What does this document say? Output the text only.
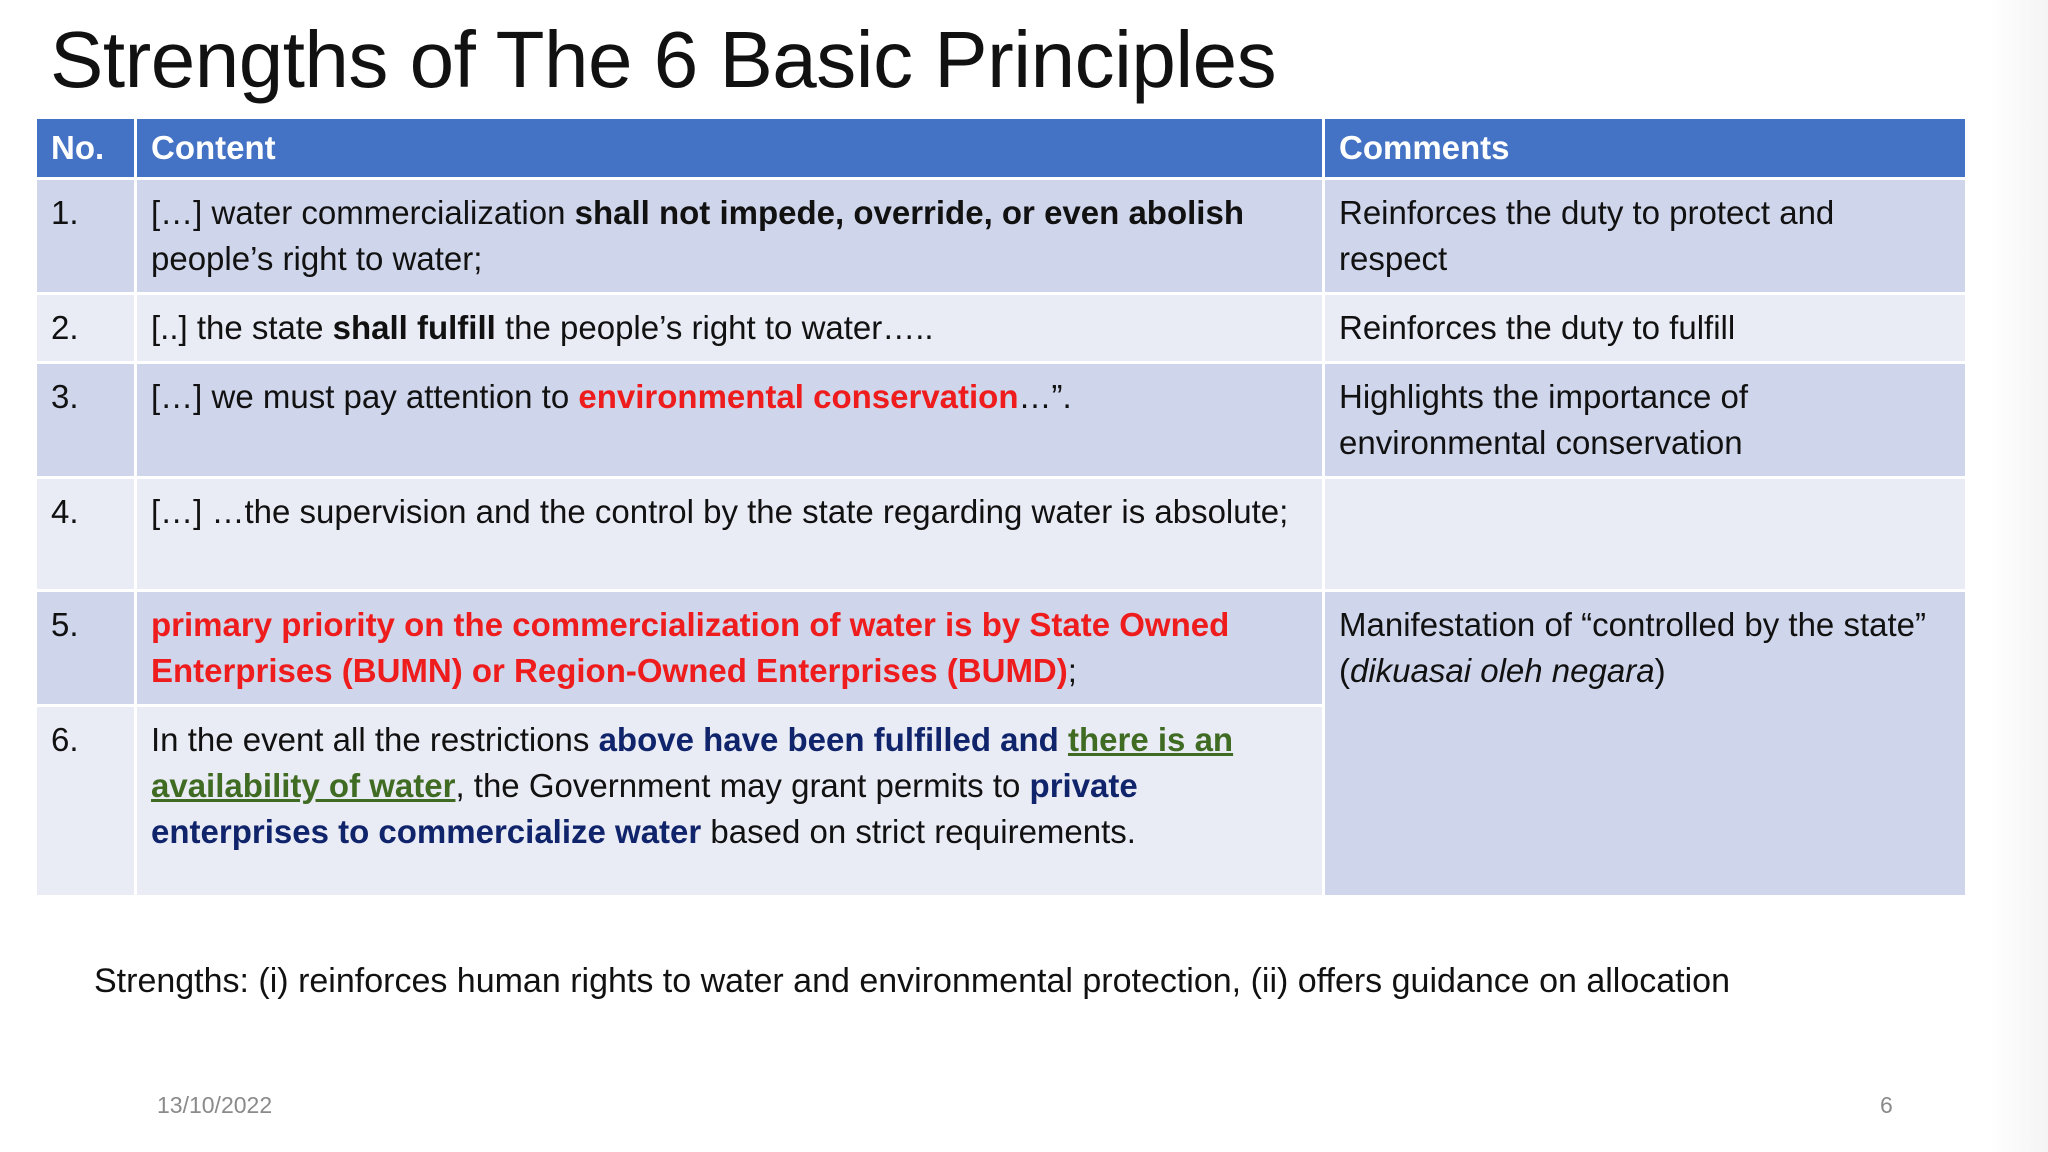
Strengths of The 6 Basic Principles
No.	Content	Comments
1.	[…] water commercialization shall not impede, override, or even abolish people’s right to water;	Reinforces the duty to protect and respect
2.	[..] the state shall fulfill the people’s right to water…..	Reinforces the duty to fulfill
3.	[…] we must pay attention to environmental conservation…”.	Highlights the importance of environmental conservation
4.	[…] …the supervision and the control by the state regarding water is absolute;	
5.	primary priority on the commercialization of water is by State Owned Enterprises (BUMN) or Region-Owned Enterprises (BUMD);	Manifestation of “controlled by the state” (dikuasai oleh negara)
6.	In the event all the restrictions above have been fulfilled and there is an availability of water, the Government may grant permits to private enterprises to commercialize water based on strict requirements.	
Strengths: (i) reinforces human rights to water and environmental protection, (ii) offers guidance on allocation
13/10/2022	6
